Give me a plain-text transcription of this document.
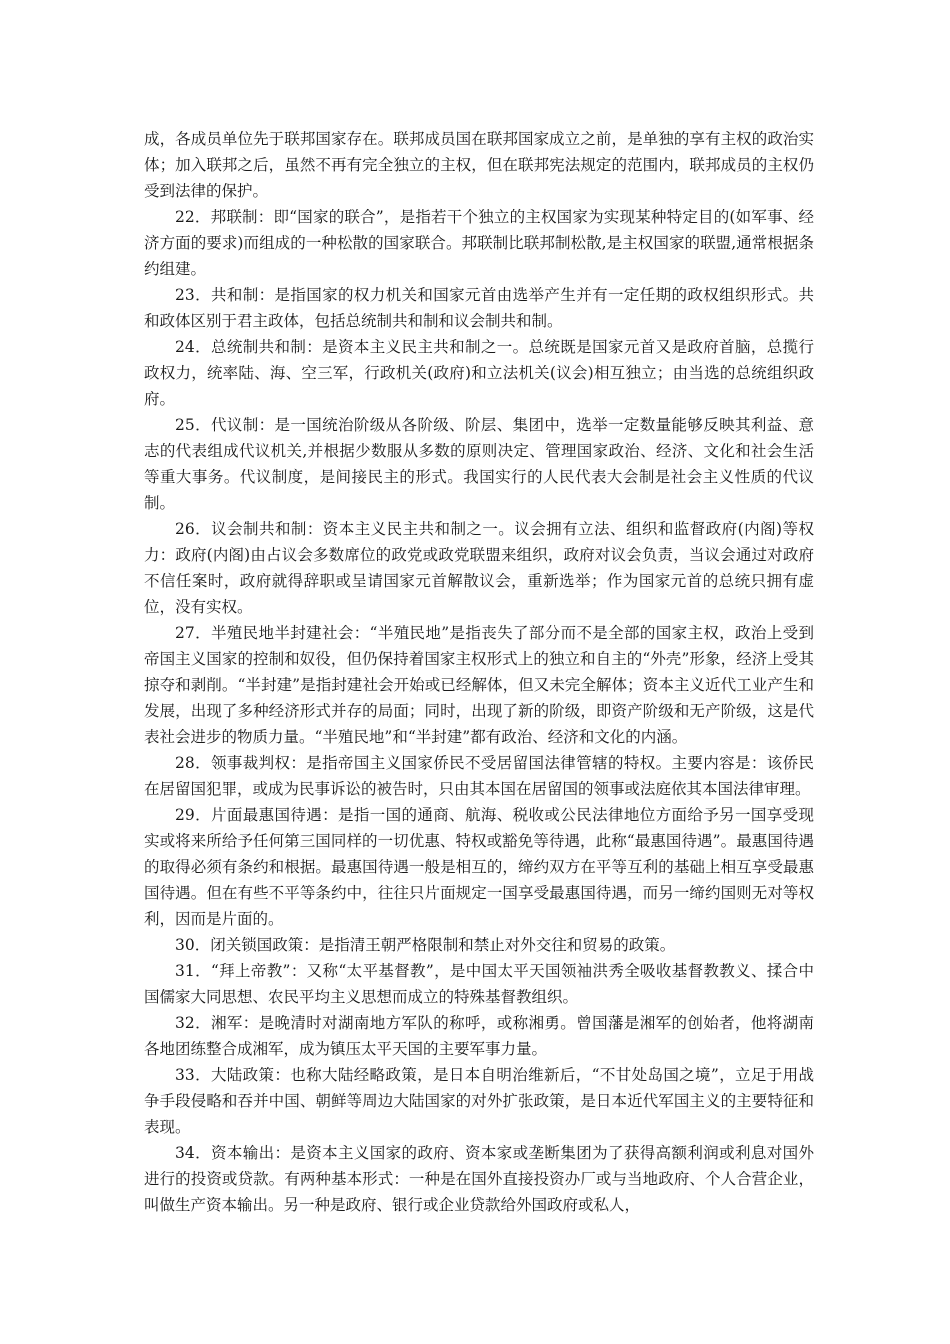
成，各成员单位先于联邦国家存在。联邦成员国在联邦国家成立之前，是单独的享有主权的政治实体；加入联邦之后，虽然不再有完全独立的主权，但在联邦宪法规定的范围内，联邦成员的主权仍受到法律的保护。

22．邦联制：即“国家的联合”，是指若干个独立的主权国家为实现某种特定目的(如军事、经济方面的要求)而组成的一种松散的国家联合。邦联制比联邦制松散,是主权国家的联盟,通常根据条约组建。

23．共和制：是指国家的权力机关和国家元首由选举产生并有一定任期的政权组织形式。共和政体区别于君主政体，包括总统制共和制和议会制共和制。

24．总统制共和制：是资本主义民主共和制之一。总统既是国家元首又是政府首脑，总揽行政权力，统率陆、海、空三军，行政机关(政府)和立法机关(议会)相互独立；由当选的总统组织政府。

25．代议制：是一国统治阶级从各阶级、阶层、集团中，选举一定数量能够反映其利益、意志的代表组成代议机关,并根据少数服从多数的原则决定、管理国家政治、经济、文化和社会生活等重大事务。代议制度，是间接民主的形式。我国实行的人民代表大会制是社会主义性质的代议制。

26．议会制共和制：资本主义民主共和制之一。议会拥有立法、组织和监督政府(内阁)等权力：政府(内阁)由占议会多数席位的政党或政党联盟来组织，政府对议会负责，当议会通过对政府不信任案时，政府就得辞职或呈请国家元首解散议会，重新选举；作为国家元首的总统只拥有虚位，没有实权。

27．半殖民地半封建社会：“半殖民地”是指丧失了部分而不是全部的国家主权，政治上受到帝国主义国家的控制和奴役，但仍保持着国家主权形式上的独立和自主的“外壳”形象，经济上受其掠夺和剥削。“半封建”是指封建社会开始或已经解体，但又未完全解体；资本主义近代工业产生和发展，出现了多种经济形式并存的局面；同时，出现了新的阶级，即资产阶级和无产阶级，这是代表社会进步的物质力量。“半殖民地”和“半封建”都有政治、经济和文化的内涵。

28．领事裁判权：是指帝国主义国家侨民不受居留国法律管辖的特权。主要内容是：该侨民在居留国犯罪，或成为民事诉讼的被告时，只由其本国在居留国的领事或法庭依其本国法律审理。

29．片面最惠国待遇：是指一国的通商、航海、税收或公民法律地位方面给予另一国享受现实或将来所给予任何第三国同样的一切优惠、特权或豁免等待遇，此称“最惠国待遇”。最惠国待遇的取得必须有条约和根据。最惠国待遇一般是相互的，缔约双方在平等互利的基础上相互享受最惠国待遇。但在有些不平等条约中，往往只片面规定一国享受最惠国待遇，而另一缔约国则无对等权利，因而是片面的。

30．闭关锁国政策：是指清王朝严格限制和禁止对外交往和贸易的政策。

31．“拜上帝教”：又称“太平基督教”，是中国太平天国领袖洪秀全吸收基督教教义、揉合中国儒家大同思想、农民平均主义思想而成立的特殊基督教组织。

32．湘军：是晚清时对湖南地方军队的称呼，或称湘勇。曾国藩是湘军的创始者，他将湖南各地团练整合成湘军，成为镇压太平天国的主要军事力量。

33．大陆政策：也称大陆经略政策，是日本自明治维新后，“不甘处岛国之境”，立足于用战争手段侵略和吞并中国、朝鲜等周边大陆国家的对外扩张政策，是日本近代军国主义的主要特征和表现。

34．资本输出：是资本主义国家的政府、资本家或垄断集团为了获得高额利润或利息对国外进行的投资或贷款。有两种基本形式：一种是在国外直接投资办厂或与当地政府、个人合营企业，叫做生产资本输出。另一种是政府、银行或企业贷款给外国政府或私人，
